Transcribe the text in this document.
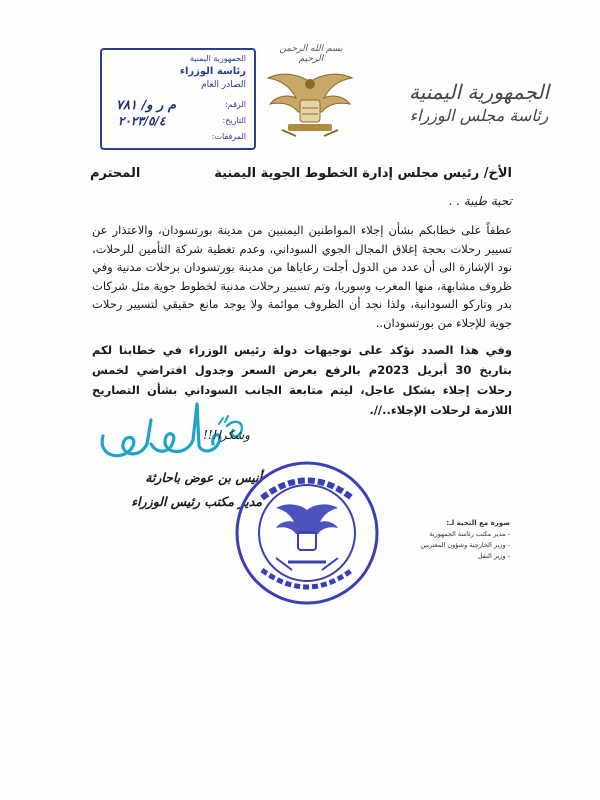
الجمهورية اليمنية
رئاسة مجلس الوزراء
بسم الله الرحمن الرحيم
الجمهورية اليمنية
رئاسة الوزراء
الصادر العام
الرقم:
التاريخ:
المرفقات:
م ر و/ ٧٨١
٢٠٢٣/٥/٤
الأخ/ رئيس مجلس إدارة الخطوط الجوية اليمنية
المحترم
تحية طيبة . .
عطفاً على خطابكم بشأن إجلاء المواطنين اليمنيين من مدينة بورتسودان، والاعتذار عن تسيير رحلات بحجة إغلاق المجال الجوي السوداني، وعدم تغطية شركة التأمين للرحلات، نود الإشارة الى أن عدد من الدول أجلت رعاياها من مدينة بورتسودان برحلات مدنية وفي ظروف مشابهة، منها المغرب وسوريا، وتم تسيير رحلات مدنية لخطوط جوية مثل شركات بدر وتاركو السودانية، ولذا نجد أن الظروف موائمة ولا يوجد مانع حقيقي لتسيير رحلات جوية للإجلاء من بورتسودان..
وفي هذا الصدد نؤكد على توجيهات دولة رئيس الوزراء في خطابنا لكم بتاريخ 30 أبريل 2023م بالرفع بعرض السعر وجدول افتراضي لخمس رحلات إجلاء بشكل عاجل، ليتم متابعة الجانب السوداني بشأن التصاريح اللازمة لرحلات الإجلاء..//.
وشكرا!!!
أنيس بن عوض باحارثة
مدير مكتب رئيس الوزراء
صورة مع التحية لـ:
- مدير مكتب رئاسة الجمهورية
- وزير الخارجية وشؤون المغتربين
- وزير النقل
